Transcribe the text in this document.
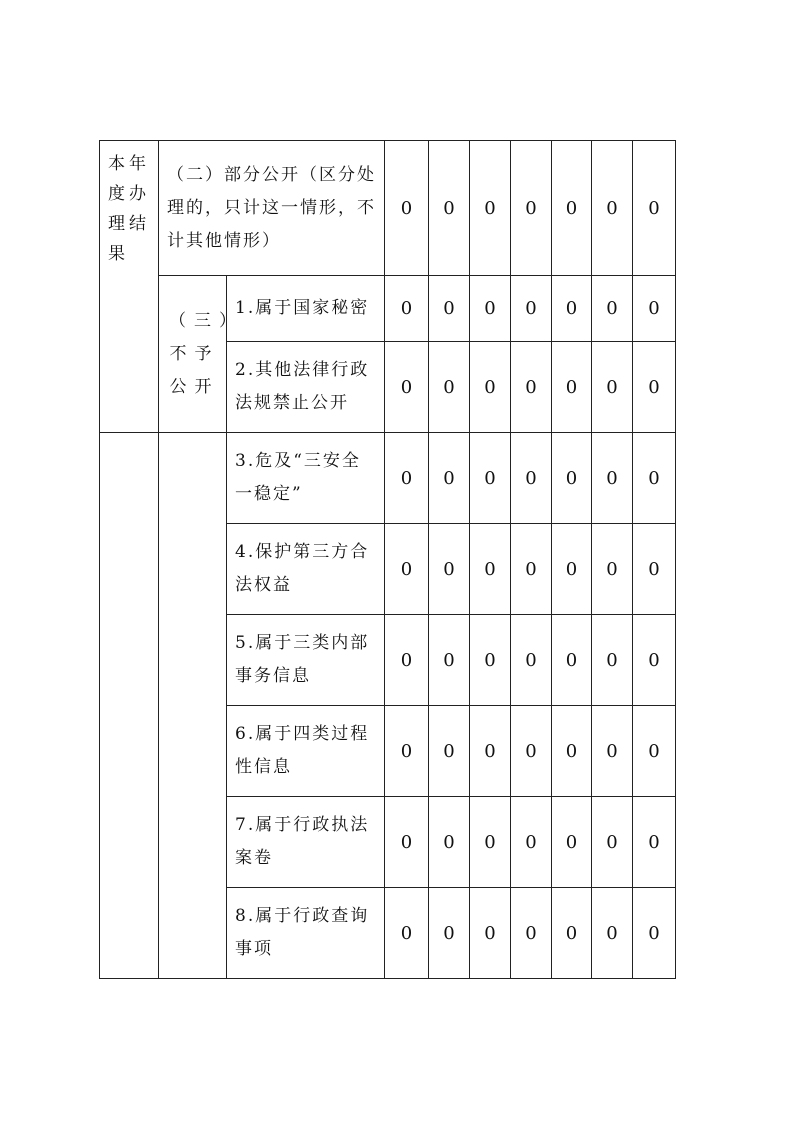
本年度办理结果	（二）部分公开（区分处理的，只计这一情形，不计其他情形）		0	0	0	0	0	0	0
	（三）不予公开	1.属于国家秘密	0	0	0	0	0	0	0
		2.其他法律行政法规禁止公开	0	0	0	0	0	0	0
		3.危及“三安全一稳定”	0	0	0	0	0	0	0
		4.保护第三方合法权益	0	0	0	0	0	0	0
		5.属于三类内部事务信息	0	0	0	0	0	0	0
		6.属于四类过程性信息	0	0	0	0	0	0	0
		7.属于行政执法案卷	0	0	0	0	0	0	0
		8.属于行政查询事项	0	0	0	0	0	0	0
